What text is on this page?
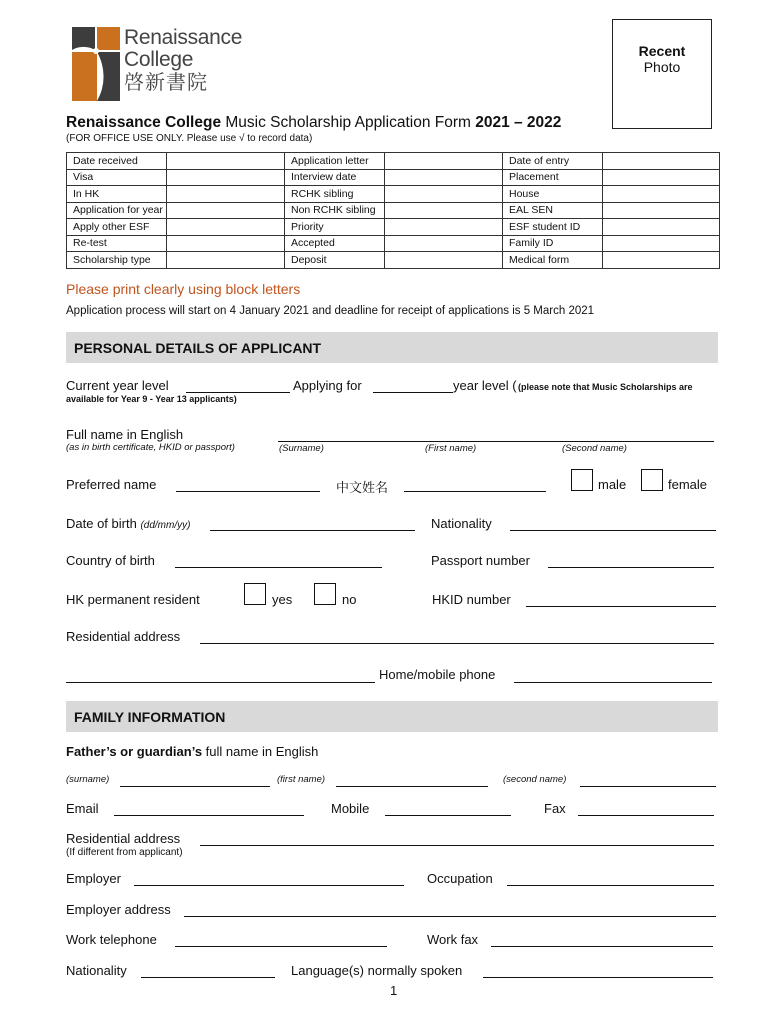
Renaissance
College
啓新書院
Recent
Photo
Renaissance College Music Scholarship Application Form 2021 – 2022
(FOR OFFICE USE ONLY. Please use √ to record data)
Date received		Application letter		Date of entry	
Visa		Interview date		Placement	
In HK		RCHK sibling		House	
Application for year		Non RCHK sibling		EAL SEN	
Apply other ESF		Priority		ESF student ID	
Re-test		Accepted		Family ID	
Scholarship type		Deposit		Medical form	
Please print clearly using block letters
Application process will start on 4 January 2021 and deadline for receipt of applications is 5 March 2021
PERSONAL DETAILS OF APPLICANT
Current year level	Applying for	year level ( (please note that Music Scholarships are
available for Year 9 - Year 13 applicants)
Full name in English
(as in birth certificate, HKID or passport)	(Surname)	(First name)	(Second name)
Preferred name	中文姓名	male	female
Date of birth (dd/mm/yy)	Nationality
Country of birth	Passport number
HK permanent resident	yes	no	HKID number
Residential address
Home/mobile phone
FAMILY INFORMATION
Father’s or guardian’s full name in English
(surname)	(first name)	(second name)
Email	Mobile	Fax
Residential address
(If different from applicant)
Employer	Occupation
Employer address
Work telephone	Work fax
Nationality	Language(s) normally spoken
1
